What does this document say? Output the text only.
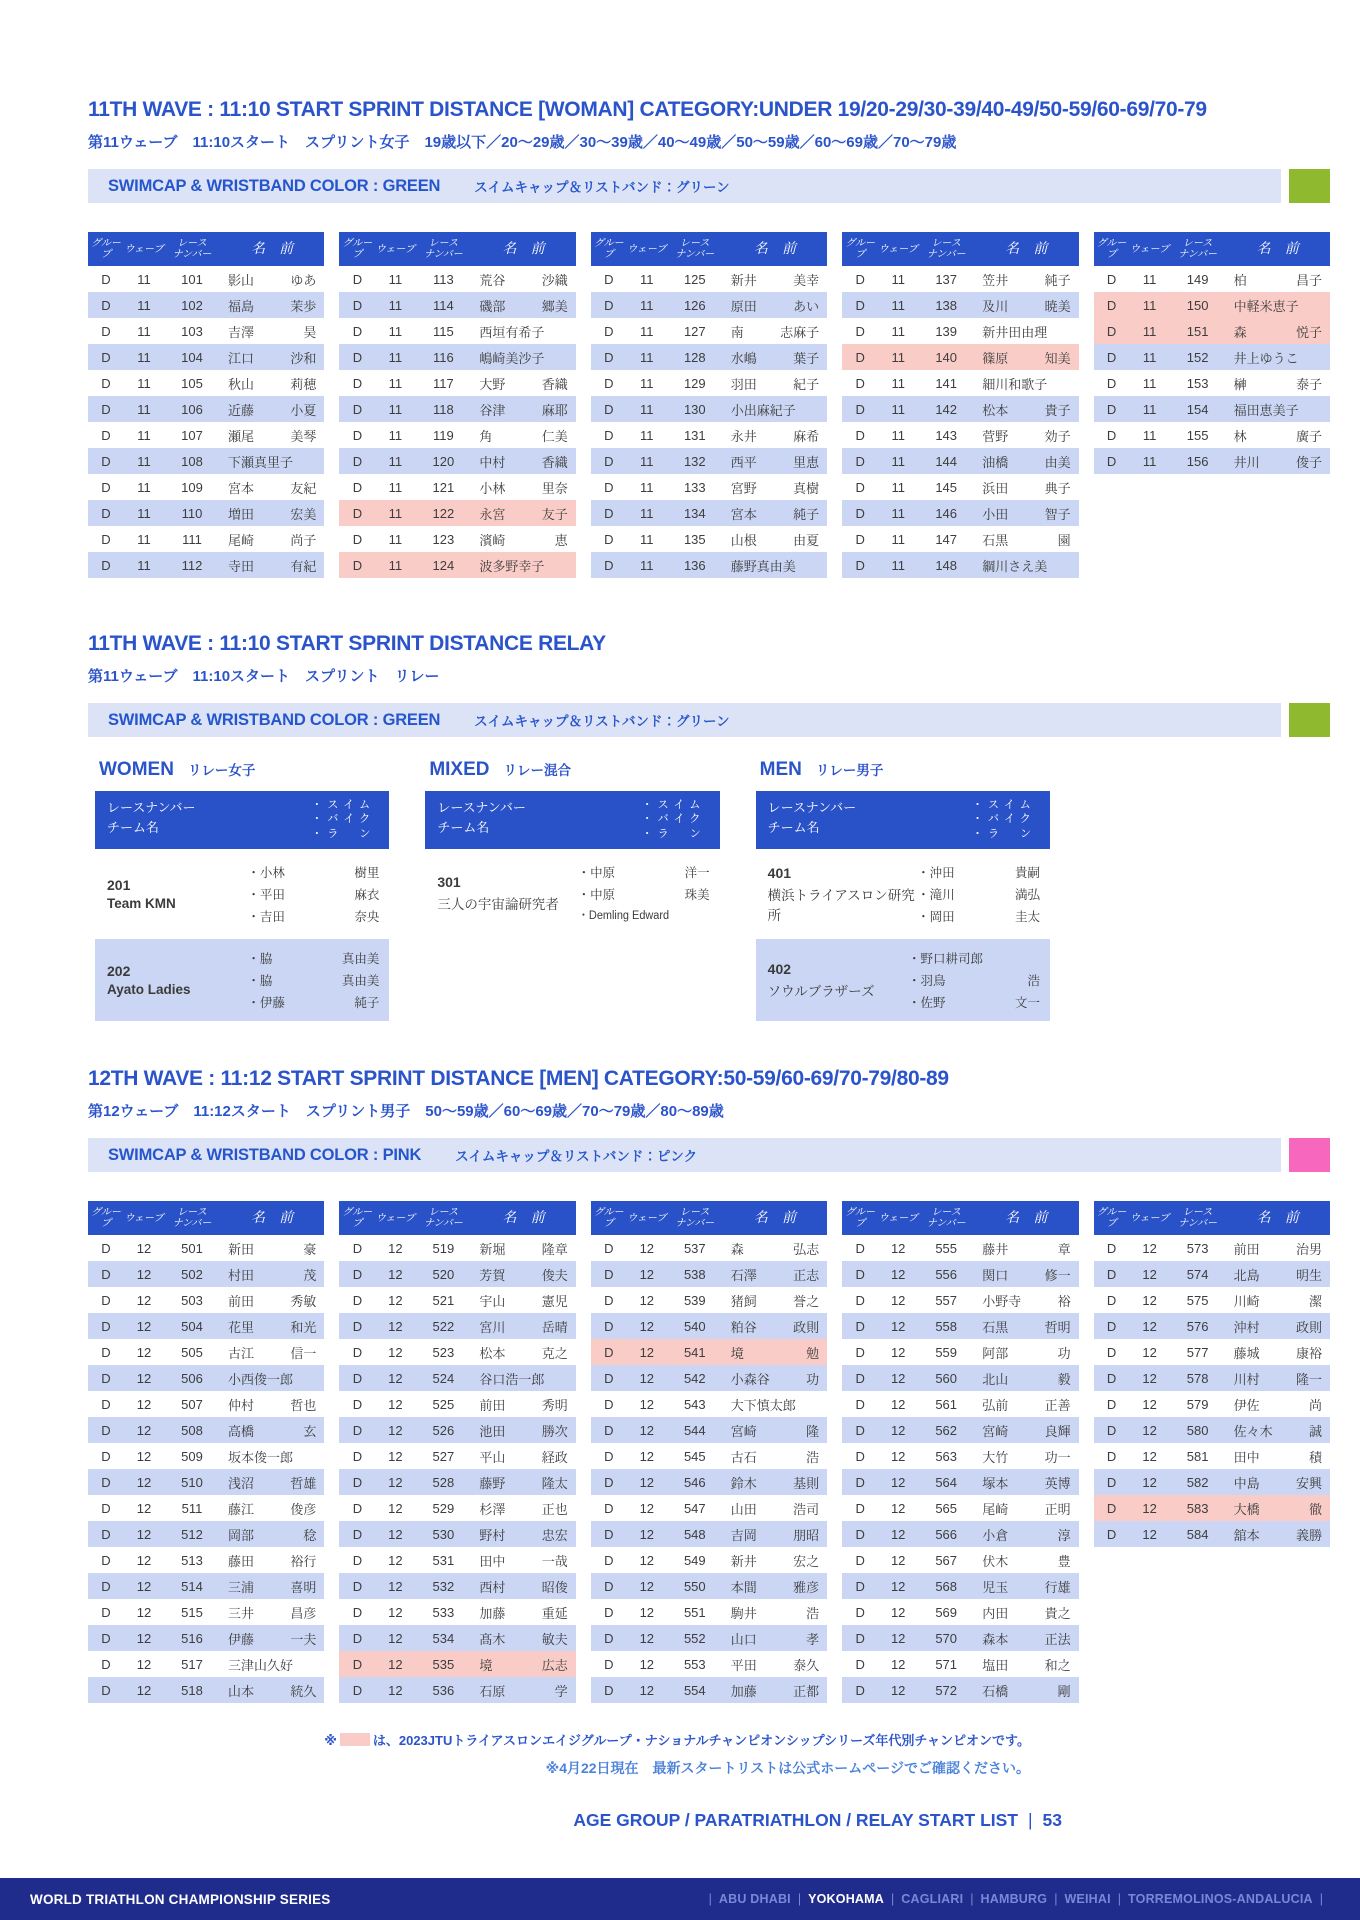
11TH WAVE : 11:10 START SPRINT DISTANCE [WOMAN] CATEGORY:UNDER 19/20-29/30-39/40-49/50-59/60-69/70-79
第11ウェーブ　11:10スタート　スプリント女子　19歳以下／20～29歳／30～39歳／40～49歳／50～59歳／60～69歳／70～79歳
SWIMCAP & WRISTBAND COLOR : GREEN	スイムキャップ＆リストバンド：グリーン
グループ	ウェーブ	レース
ナンバー	名　前
D	11	101	影山	ゆあ
D	11	102	福島	茉歩
D	11	103	吉澤	昊
D	11	104	江口	沙和
D	11	105	秋山	莉穂
D	11	106	近藤	小夏
D	11	107	瀬尾	美琴
D	11	108	下瀬真里子
D	11	109	宮本	友紀
D	11	110	増田	宏美
D	11	111	尾崎	尚子
D	11	112	寺田	有紀
グループ	ウェーブ	レース
ナンバー	名　前
D	11	113	荒谷	沙織
D	11	114	磯部	郷美
D	11	115	西垣有希子
D	11	116	嶋崎美沙子
D	11	117	大野	香織
D	11	118	谷津	麻耶
D	11	119	角	仁美
D	11	120	中村	香織
D	11	121	小林	里奈
D	11	122	永宮	友子
D	11	123	濱崎	恵
D	11	124	波多野幸子
グループ	ウェーブ	レース
ナンバー	名　前
D	11	125	新井	美幸
D	11	126	原田	あい
D	11	127	南	志麻子
D	11	128	水嶋	葉子
D	11	129	羽田	紀子
D	11	130	小出麻紀子
D	11	131	永井	麻希
D	11	132	西平	里恵
D	11	133	宮野	真樹
D	11	134	宮本	純子
D	11	135	山根	由夏
D	11	136	藤野真由美
グループ	ウェーブ	レース
ナンバー	名　前
D	11	137	笠井	純子
D	11	138	及川	暁美
D	11	139	新井田由理
D	11	140	篠原	知美
D	11	141	細川和歌子
D	11	142	松本	貴子
D	11	143	菅野	効子
D	11	144	油橋	由美
D	11	145	浜田	典子
D	11	146	小田	智子
D	11	147	石黒	園
D	11	148	綱川さえ美
グループ	ウェーブ	レース
ナンバー	名　前
D	11	149	柏	昌子
D	11	150	中軽米恵子
D	11	151	森	悦子
D	11	152	井上ゆうこ
D	11	153	榊	泰子
D	11	154	福田恵美子
D	11	155	林	廣子
D	11	156	井川	俊子
11TH WAVE : 11:10 START SPRINT DISTANCE RELAY
第11ウェーブ　11:10スタート　スプリント　リレー
SWIMCAP & WRISTBAND COLOR : GREEN	スイムキャップ＆リストバンド：グリーン
WOMEN リレー女子
レースナンバー
チーム名
・スイム
・バイク
・ラ　ン
201
Team KMN
・小林	樹里
・平田	麻衣
・吉田	奈央
202
Ayato Ladies
・脇	真由美
・脇	真由美
・伊藤	純子
MIXED リレー混合
レースナンバー
チーム名
・スイム
・バイク
・ラ　ン
301
三人の宇宙論研究者
・中原	洋一
・中原	珠美
・Demling Edward
MEN リレー男子
レースナンバー
チーム名
・スイム
・バイク
・ラ　ン
401
横浜トライアスロン研究所
・沖田	貴嗣
・滝川	満弘
・岡田	圭太
402
ソウルブラザーズ
・野口耕司郎
・羽鳥	浩
・佐野	文一
12TH WAVE : 11:12 START SPRINT DISTANCE [MEN] CATEGORY:50-59/60-69/70-79/80-89
第12ウェーブ　11:12スタート　スプリント男子　50～59歳／60～69歳／70～79歳／80～89歳
SWIMCAP & WRISTBAND COLOR : PINK	スイムキャップ＆リストバンド：ピンク
グループ	ウェーブ	レース
ナンバー	名　前
D	12	501	新田	豪
D	12	502	村田	茂
D	12	503	前田	秀敏
D	12	504	花里	和光
D	12	505	古江	信一
D	12	506	小西俊一郎
D	12	507	仲村	哲也
D	12	508	高橋	玄
D	12	509	坂本俊一郎
D	12	510	浅沼	哲雄
D	12	511	藤江	俊彦
D	12	512	岡部	稔
D	12	513	藤田	裕行
D	12	514	三浦	喜明
D	12	515	三井	昌彦
D	12	516	伊藤	一夫
D	12	517	三津山久好
D	12	518	山本	統久
グループ	ウェーブ	レース
ナンバー	名　前
D	12	519	新堀	隆章
D	12	520	芳賀	俊夫
D	12	521	宇山	憲児
D	12	522	宮川	岳晴
D	12	523	松本	克之
D	12	524	谷口浩一郎
D	12	525	前田	秀明
D	12	526	池田	勝次
D	12	527	平山	経政
D	12	528	藤野	隆太
D	12	529	杉澤	正也
D	12	530	野村	忠宏
D	12	531	田中	一哉
D	12	532	西村	昭俊
D	12	533	加藤	重延
D	12	534	髙木	敏夫
D	12	535	境	広志
D	12	536	石原	学
グループ	ウェーブ	レース
ナンバー	名　前
D	12	537	森	弘志
D	12	538	石澤	正志
D	12	539	猪飼	誉之
D	12	540	粕谷	政則
D	12	541	境	勉
D	12	542	小森谷	功
D	12	543	大下慎太郎
D	12	544	宮崎	隆
D	12	545	古石	浩
D	12	546	鈴木	基則
D	12	547	山田	浩司
D	12	548	吉岡	朋昭
D	12	549	新井	宏之
D	12	550	本間	雅彦
D	12	551	駒井	浩
D	12	552	山口	孝
D	12	553	平田	泰久
D	12	554	加藤	正都
グループ	ウェーブ	レース
ナンバー	名　前
D	12	555	藤井	章
D	12	556	関口	修一
D	12	557	小野寺	裕
D	12	558	石黒	哲明
D	12	559	阿部	功
D	12	560	北山	毅
D	12	561	弘前	正善
D	12	562	宮崎	良輝
D	12	563	大竹	功一
D	12	564	塚本	英博
D	12	565	尾崎	正明
D	12	566	小倉	淳
D	12	567	伏木	豊
D	12	568	児玉	行雄
D	12	569	内田	貴之
D	12	570	森本	正法
D	12	571	塩田	和之
D	12	572	石橋	剛
グループ	ウェーブ	レース
ナンバー	名　前
D	12	573	前田	治男
D	12	574	北島	明生
D	12	575	川崎	潔
D	12	576	沖村	政則
D	12	577	藤城	康裕
D	12	578	川村	隆一
D	12	579	伊佐	尚
D	12	580	佐々木	誠
D	12	581	田中	積
D	12	582	中島	安興
D	12	583	大橋	徹
D	12	584	舘本	義勝
※	は、2023JTUトライアスロンエイジグループ・ナショナルチャンピオンシップシリーズ年代別チャンピオンです。
※4月22日現在　最新スタートリストは公式ホームページでご確認ください。
AGE GROUP / PARATRIATHLON / RELAY START LIST | 53
WORLD TRIATHLON CHAMPIONSHIP SERIES	| ABU DHABI | YOKOHAMA | CAGLIARI | HAMBURG | WEIHAI | TORREMOLINOS-ANDALUCIA |
